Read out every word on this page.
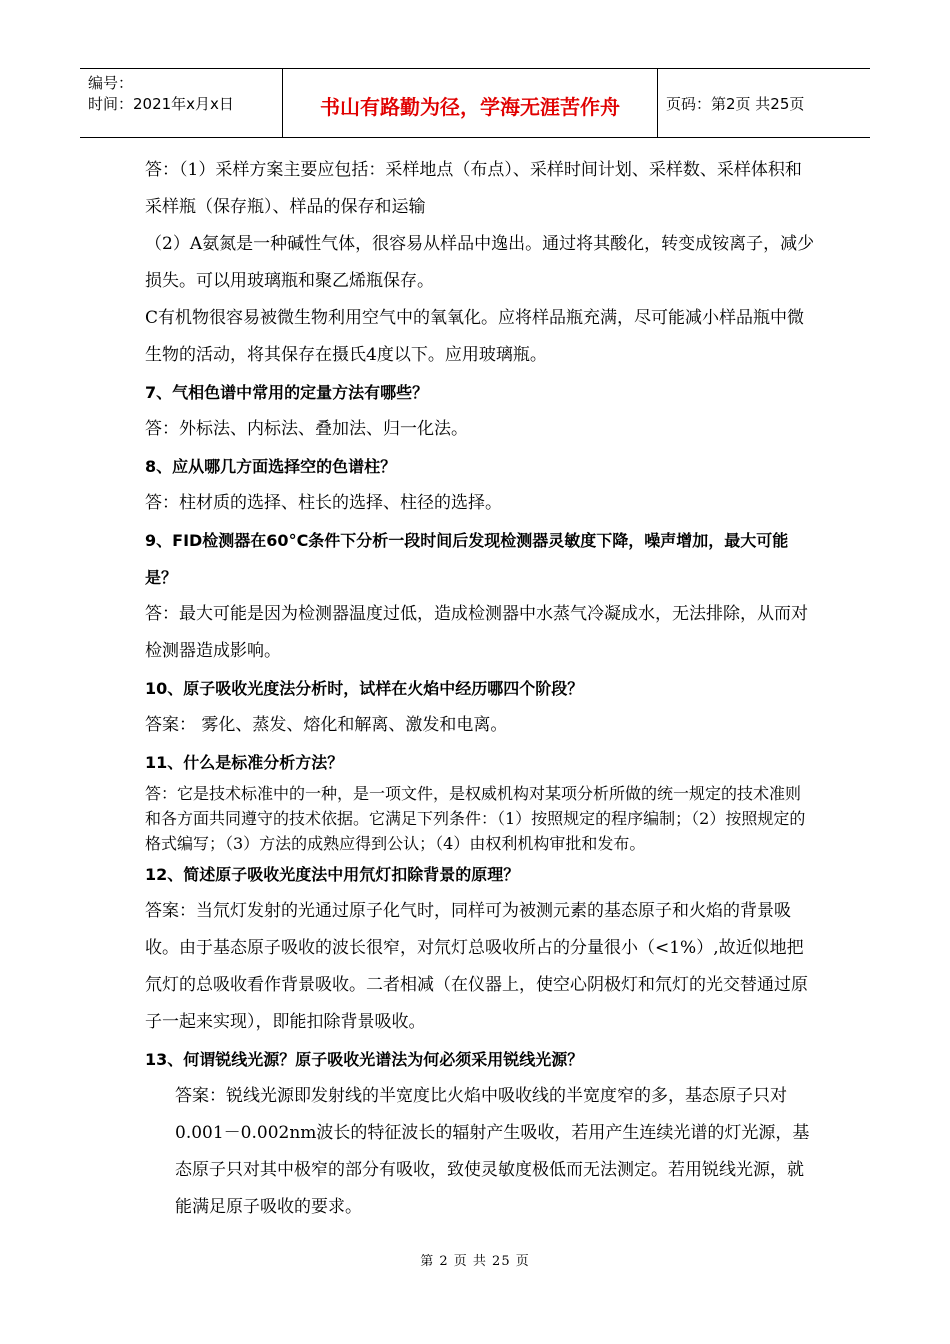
编号：
时间：2021年x月x日	书山有路勤为径，学海无涯苦作舟	页码：第2页 共25页

答：（1）采样方案主要应包括：采样地点（布点）、采样时间计划、采样数、采样体积和采样瓶（保存瓶）、样品的保存和运输

（2）A氨氮是一种碱性气体，很容易从样品中逸出。通过将其酸化，转变成铵离子，减少损失。可以用玻璃瓶和聚乙烯瓶保存。

C有机物很容易被微生物利用空气中的氧氧化。应将样品瓶充满，尽可能减小样品瓶中微生物的活动，将其保存在摄氏4度以下。应用玻璃瓶。

7、气相色谱中常用的定量方法有哪些？

答：外标法、内标法、叠加法、归一化法。

8、应从哪几方面选择空的色谱柱？

答：柱材质的选择、柱长的选择、柱径的选择。

9、FID检测器在60°C条件下分析一段时间后发现检测器灵敏度下降，噪声增加，最大可能是？

答：最大可能是因为检测器温度过低，造成检测器中水蒸气冷凝成水，无法排除，从而对检测器造成影响。

10、原子吸收光度法分析时，试样在火焰中经历哪四个阶段？

答案： 雾化、蒸发、熔化和解离、激发和电离。

11、什么是标准分析方法？

答：它是技术标准中的一种，是一项文件，是权威机构对某项分析所做的统一规定的技术准则和各方面共同遵守的技术依据。它满足下列条件：（1）按照规定的程序编制；（2）按照规定的格式编写；（3）方法的成熟应得到公认；（4）由权利机构审批和发布。

12、简述原子吸收光度法中用氘灯扣除背景的原理？

答案：当氘灯发射的光通过原子化气时，同样可为被测元素的基态原子和火焰的背景吸收。由于基态原子吸收的波长很窄，对氘灯总吸收所占的分量很小（<1%）,故近似地把氘灯的总吸收看作背景吸收。二者相减（在仪器上，使空心阴极灯和氘灯的光交替通过原子一起来实现），即能扣除背景吸收。

13、何谓锐线光源？原子吸收光谱法为何必须采用锐线光源？

答案：锐线光源即发射线的半宽度比火焰中吸收线的半宽度窄的多，基态原子只对0.001－0.002nm波长的特征波长的辐射产生吸收，若用产生连续光谱的灯光源，基态原子只对其中极窄的部分有吸收，致使灵敏度极低而无法测定。若用锐线光源，就能满足原子吸收的要求。

第 2 页 共 25 页
